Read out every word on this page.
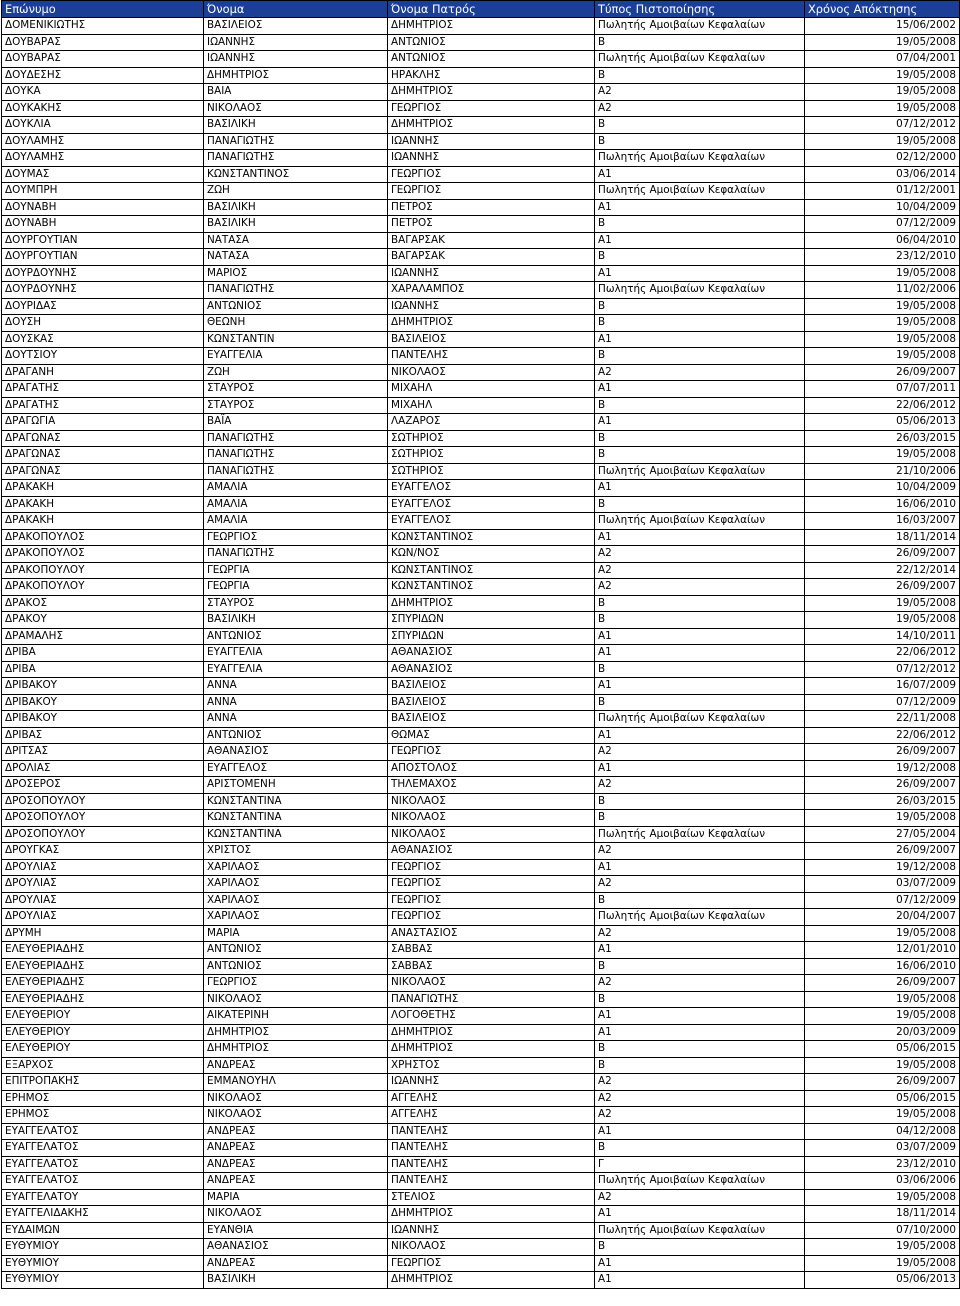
Επώνυμο	Όνομα	Όνομα Πατρός	Τύπος Πιστοποίησης	Χρόνος Απόκτησης
ΔΟΜΕΝΙΚΙΩΤΗΣ	ΒΑΣΙΛΕΙΟΣ	ΔΗΜΗΤΡΙΟΣ	Πωλητής Αμοιβαίων Κεφαλαίων	15/06/2002
ΔΟΥΒΑΡΑΣ	ΙΩΑΝΝΗΣ	ΑΝΤΩΝΙΟΣ	Β	19/05/2008
ΔΟΥΒΑΡΑΣ	ΙΩΑΝΝΗΣ	ΑΝΤΩΝΙΟΣ	Πωλητής Αμοιβαίων Κεφαλαίων	07/04/2001
ΔΟΥΔΕΣΗΣ	ΔΗΜΗΤΡΙΟΣ	ΗΡΑΚΛΗΣ	Β	19/05/2008
ΔΟΥΚΑ	ΒΑΙΑ	ΔΗΜΗΤΡΙΟΣ	Α2	19/05/2008
ΔΟΥΚΑΚΗΣ	ΝΙΚΟΛΑΟΣ	ΓΕΩΡΓΙΟΣ	Α2	19/05/2008
ΔΟΥΚΛΙΑ	ΒΑΣΙΛΙΚΗ	ΔΗΜΗΤΡΙΟΣ	Β	07/12/2012
ΔΟΥΛΑΜΗΣ	ΠΑΝΑΓΙΩΤΗΣ	ΙΩΑΝΝΗΣ	Β	19/05/2008
ΔΟΥΛΑΜΗΣ	ΠΑΝΑΓΙΩΤΗΣ	ΙΩΑΝΝΗΣ	Πωλητής Αμοιβαίων Κεφαλαίων	02/12/2000
ΔΟΥΜΑΣ	ΚΩΝΣΤΑΝΤΙΝΟΣ	ΓΕΩΡΓΙΟΣ	Α1	03/06/2014
ΔΟΥΜΠΡΗ	ΖΩΗ	ΓΕΩΡΓΙΟΣ	Πωλητής Αμοιβαίων Κεφαλαίων	01/12/2001
ΔΟΥΝΑΒΗ	ΒΑΣΙΛΙΚΗ	ΠΕΤΡΟΣ	Α1	10/04/2009
ΔΟΥΝΑΒΗ	ΒΑΣΙΛΙΚΗ	ΠΕΤΡΟΣ	Β	07/12/2009
ΔΟΥΡΓΟΥΤΙΑΝ	ΝΑΤΑΣΑ	ΒΑΓΑΡΣΑΚ	Α1	06/04/2010
ΔΟΥΡΓΟΥΤΙΑΝ	ΝΑΤΑΣΑ	ΒΑΓΑΡΣΑΚ	Β	23/12/2010
ΔΟΥΡΔΟΥΝΗΣ	ΜΑΡΙΟΣ	ΙΩΑΝΝΗΣ	Α1	19/05/2008
ΔΟΥΡΔΟΥΝΗΣ	ΠΑΝΑΓΙΩΤΗΣ	ΧΑΡΑΛΑΜΠΟΣ	Πωλητής Αμοιβαίων Κεφαλαίων	11/02/2006
ΔΟΥΡΙΔΑΣ	ΑΝΤΩΝΙΟΣ	ΙΩΑΝΝΗΣ	Β	19/05/2008
ΔΟΥΣΗ	ΘΕΩΝΗ	ΔΗΜΗΤΡΙΟΣ	Β	19/05/2008
ΔΟΥΣΚΑΣ	ΚΩΝΣΤΑΝΤΙΝ	ΒΑΣΙΛΕΙΟΣ	Α1	19/05/2008
ΔΟΥΤΣΙΟΥ	ΕΥΑΓΓΕΛΙΑ	ΠΑΝΤΕΛΗΣ	Β	19/05/2008
ΔΡΑΓΑΝΗ	ΖΩΗ	ΝΙΚΟΛΑΟΣ	Α2	26/09/2007
ΔΡΑΓΑΤΗΣ	ΣΤΑΥΡΟΣ	ΜΙΧΑΗΛ	Α1	07/07/2011
ΔΡΑΓΑΤΗΣ	ΣΤΑΥΡΟΣ	ΜΙΧΑΗΛ	Β	22/06/2012
ΔΡΑΓΩΓΙΑ	ΒΑΪΑ	ΛΑΖΑΡΟΣ	Α1	05/06/2013
ΔΡΑΓΩΝΑΣ	ΠΑΝΑΓΙΩΤΗΣ	ΣΩΤΗΡΙΟΣ	Β	26/03/2015
ΔΡΑΓΩΝΑΣ	ΠΑΝΑΓΙΩΤΗΣ	ΣΩΤΗΡΙΟΣ	Β	19/05/2008
ΔΡΑΓΩΝΑΣ	ΠΑΝΑΓΙΩΤΗΣ	ΣΩΤΗΡΙΟΣ	Πωλητής Αμοιβαίων Κεφαλαίων	21/10/2006
ΔΡΑΚΑΚΗ	ΑΜΑΛΙΑ	ΕΥΑΓΓΕΛΟΣ	Α1	10/04/2009
ΔΡΑΚΑΚΗ	ΑΜΑΛΙΑ	ΕΥΑΓΓΕΛΟΣ	Β	16/06/2010
ΔΡΑΚΑΚΗ	ΑΜΑΛΙΑ	ΕΥΑΓΓΕΛΟΣ	Πωλητής Αμοιβαίων Κεφαλαίων	16/03/2007
ΔΡΑΚΟΠΟΥΛΟΣ	ΓΕΩΡΓΙΟΣ	ΚΩΝΣΤΑΝΤΙΝΟΣ	Α1	18/11/2014
ΔΡΑΚΟΠΟΥΛΟΣ	ΠΑΝΑΓΙΩΤΗΣ	ΚΩΝ/ΝΟΣ	Α2	26/09/2007
ΔΡΑΚΟΠΟΥΛΟΥ	ΓΕΩΡΓΙΑ	ΚΩΝΣΤΑΝΤΙΝΟΣ	Α2	22/12/2014
ΔΡΑΚΟΠΟΥΛΟΥ	ΓΕΩΡΓΙΑ	ΚΩΝΣΤΑΝΤΙΝΟΣ	Α2	26/09/2007
ΔΡΑΚΟΣ	ΣΤΑΥΡΟΣ	ΔΗΜΗΤΡΙΟΣ	Β	19/05/2008
ΔΡΑΚΟΥ	ΒΑΣΙΛΙΚΗ	ΣΠΥΡΙΔΩΝ	Β	19/05/2008
ΔΡΑΜΑΛΗΣ	ΑΝΤΩΝΙΟΣ	ΣΠΥΡΙΔΩΝ	Α1	14/10/2011
ΔΡΙΒΑ	ΕΥΑΓΓΕΛΙΑ	ΑΘΑΝΑΣΙΟΣ	Α1	22/06/2012
ΔΡΙΒΑ	ΕΥΑΓΓΕΛΙΑ	ΑΘΑΝΑΣΙΟΣ	Β	07/12/2012
ΔΡΙΒΑΚΟΥ	ΑΝΝΑ	ΒΑΣΙΛΕΙΟΣ	Α1	16/07/2009
ΔΡΙΒΑΚΟΥ	ΑΝΝΑ	ΒΑΣΙΛΕΙΟΣ	Β	07/12/2009
ΔΡΙΒΑΚΟΥ	ΑΝΝΑ	ΒΑΣΙΛΕΙΟΣ	Πωλητής Αμοιβαίων Κεφαλαίων	22/11/2008
ΔΡΙΒΑΣ	ΑΝΤΩΝΙΟΣ	ΘΩΜΑΣ	Α1	22/06/2012
ΔΡΙΤΣΑΣ	ΑΘΑΝΑΣΙΟΣ	ΓΕΩΡΓΙΟΣ	Α2	26/09/2007
ΔΡΟΛΙΑΣ	ΕΥΑΓΓΕΛΟΣ	ΑΠΟΣΤΟΛΟΣ	Α1	19/12/2008
ΔΡΟΣΕΡΟΣ	ΑΡΙΣΤΟΜΕΝΗ	ΤΗΛΕΜΑΧΟΣ	Α2	26/09/2007
ΔΡΟΣΟΠΟΥΛΟΥ	ΚΩΝΣΤΑΝΤΙΝΑ	ΝΙΚΟΛΑΟΣ	Β	26/03/2015
ΔΡΟΣΟΠΟΥΛΟΥ	ΚΩΝΣΤΑΝΤΙΝΑ	ΝΙΚΟΛΑΟΣ	Β	19/05/2008
ΔΡΟΣΟΠΟΥΛΟΥ	ΚΩΝΣΤΑΝΤΙΝΑ	ΝΙΚΟΛΑΟΣ	Πωλητής Αμοιβαίων Κεφαλαίων	27/05/2004
ΔΡΟΥΓΚΑΣ	ΧΡΙΣΤΟΣ	ΑΘΑΝΑΣΙΟΣ	Α2	26/09/2007
ΔΡΟΥΛΙΑΣ	ΧΑΡΙΛΑΟΣ	ΓΕΩΡΓΙΟΣ	Α1	19/12/2008
ΔΡΟΥΛΙΑΣ	ΧΑΡΙΛΑΟΣ	ΓΕΩΡΓΙΟΣ	Α2	03/07/2009
ΔΡΟΥΛΙΑΣ	ΧΑΡΙΛΑΟΣ	ΓΕΩΡΓΙΟΣ	Β	07/12/2009
ΔΡΟΥΛΙΑΣ	ΧΑΡΙΛΑΟΣ	ΓΕΩΡΓΙΟΣ	Πωλητής Αμοιβαίων Κεφαλαίων	20/04/2007
ΔΡΥΜΗ	ΜΑΡΙΑ	ΑΝΑΣΤΑΣΙΟΣ	Α2	19/05/2008
ΕΛΕΥΘΕΡΙΑΔΗΣ	ΑΝΤΩΝΙΟΣ	ΣΑΒΒΑΣ	Α1	12/01/2010
ΕΛΕΥΘΕΡΙΑΔΗΣ	ΑΝΤΩΝΙΟΣ	ΣΑΒΒΑΣ	Β	16/06/2010
ΕΛΕΥΘΕΡΙΑΔΗΣ	ΓΕΩΡΓΙΟΣ	ΝΙΚΟΛΑΟΣ	Α2	26/09/2007
ΕΛΕΥΘΕΡΙΑΔΗΣ	ΝΙΚΟΛΑΟΣ	ΠΑΝΑΓΙΩΤΗΣ	Β	19/05/2008
ΕΛΕΥΘΕΡΙΟΥ	ΑΙΚΑΤΕΡΙΝΗ	ΛΟΓΟΘΕΤΗΣ	Α1	19/05/2008
ΕΛΕΥΘΕΡΙΟΥ	ΔΗΜΗΤΡΙΟΣ	ΔΗΜΗΤΡΙΟΣ	Α1	20/03/2009
ΕΛΕΥΘΕΡΙΟΥ	ΔΗΜΗΤΡΙΟΣ	ΔΗΜΗΤΡΙΟΣ	Β	05/06/2015
ΕΞΑΡΧΟΣ	ΑΝΔΡΕΑΣ	ΧΡΗΣΤΟΣ	Β	19/05/2008
ΕΠΙΤΡΟΠΑΚΗΣ	ΕΜΜΑΝΟΥΗΛ	ΙΩΑΝΝΗΣ	Α2	26/09/2007
ΕΡΗΜΟΣ	ΝΙΚΟΛΑΟΣ	ΑΓΓΕΛΗΣ	Α2	05/06/2015
ΕΡΗΜΟΣ	ΝΙΚΟΛΑΟΣ	ΑΓΓΕΛΗΣ	Α2	19/05/2008
ΕΥΑΓΓΕΛΑΤΟΣ	ΑΝΔΡΕΑΣ	ΠΑΝΤΕΛΗΣ	Α1	04/12/2008
ΕΥΑΓΓΕΛΑΤΟΣ	ΑΝΔΡΕΑΣ	ΠΑΝΤΕΛΗΣ	Β	03/07/2009
ΕΥΑΓΓΕΛΑΤΟΣ	ΑΝΔΡΕΑΣ	ΠΑΝΤΕΛΗΣ	Γ	23/12/2010
ΕΥΑΓΓΕΛΑΤΟΣ	ΑΝΔΡΕΑΣ	ΠΑΝΤΕΛΗΣ	Πωλητής Αμοιβαίων Κεφαλαίων	03/06/2006
ΕΥΑΓΓΕΛΑΤΟΥ	ΜΑΡΙΑ	ΣΤΕΛΙΟΣ	Α2	19/05/2008
ΕΥΑΓΓΕΛΙΔΑΚΗΣ	ΝΙΚΟΛΑΟΣ	ΔΗΜΗΤΡΙΟΣ	Α1	18/11/2014
ΕΥΔΑΙΜΩΝ	ΕΥΑΝΘΙΑ	ΙΩΑΝΝΗΣ	Πωλητής Αμοιβαίων Κεφαλαίων	07/10/2000
ΕΥΘΥΜΙΟΥ	ΑΘΑΝΑΣΙΟΣ	ΝΙΚΟΛΑΟΣ	Β	19/05/2008
ΕΥΘΥΜΙΟΥ	ΑΝΔΡΕΑΣ	ΓΕΩΡΓΙΟΣ	Α1	19/05/2008
ΕΥΘΥΜΙΟΥ	ΒΑΣΙΛΙΚΗ	ΔΗΜΗΤΡΙΟΣ	Α1	05/06/2013
